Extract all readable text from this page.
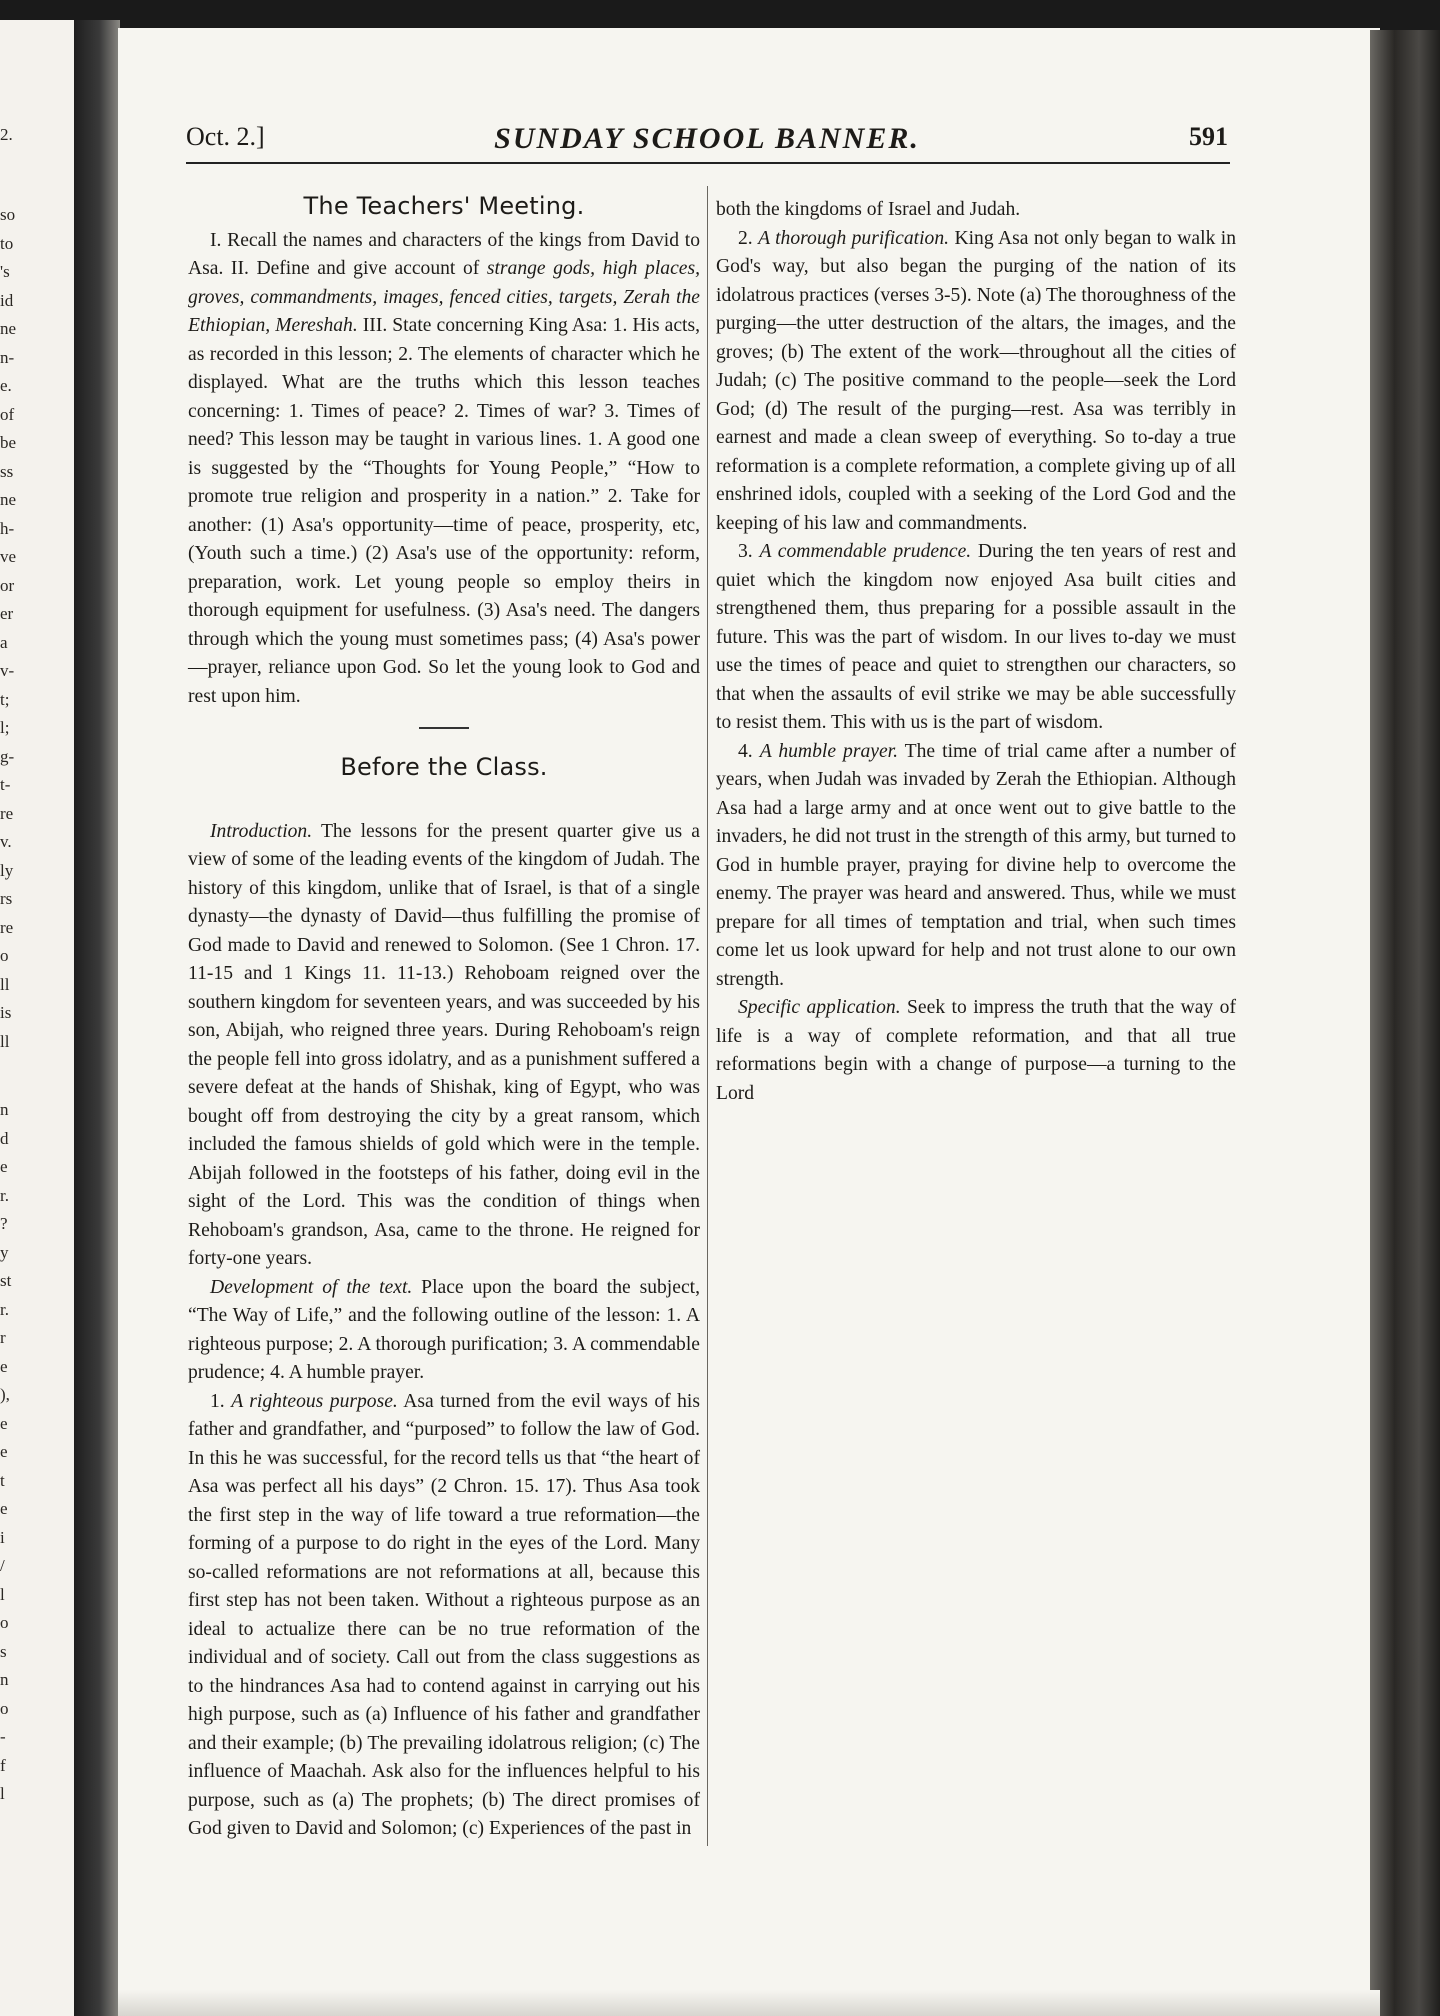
2.
so
to
's
id
ne
n-
e.
of
be
ss
ne
h-
ve
or
er
a
v-
t;
l;
g-
t-
re
v.
ly
rs
re
o
ll
is
ll
n
d
e
r.
?
y
st
r.
r
e
),
e
e
t
e
i
/
l
o
s
n
o
-
f
l
Oct. 2.]	SUNDAY SCHOOL BANNER.	591
The Teachers' Meeting.

I. Recall the names and characters of the kings from David to Asa. II. Define and give account of strange gods, high places, groves, commandments, images, fenced cities, targets, Zerah the Ethiopian, Mereshah. III. State concerning King Asa: 1. His acts, as recorded in this lesson; 2. The elements of character which he displayed. What are the truths which this lesson teaches concerning: 1. Times of peace? 2. Times of war? 3. Times of need? This lesson may be taught in various lines. 1. A good one is suggested by the “Thoughts for Young People,” “How to promote true religion and prosperity in a nation.” 2. Take for another: (1) Asa's opportunity—time of peace, prosperity, etc, (Youth such a time.) (2) Asa's use of the opportunity: reform, preparation, work. Let young people so employ theirs in thorough equipment for usefulness. (3) Asa's need. The dangers through which the young must sometimes pass; (4) Asa's power—prayer, reliance upon God. So let the young look to God and rest upon him.

Before the Class.

Introduction. The lessons for the present quarter give us a view of some of the leading events of the kingdom of Judah. The history of this kingdom, unlike that of Israel, is that of a single dynasty—the dynasty of David—thus fulfilling the promise of God made to David and renewed to Solomon. (See 1 Chron. 17. 11-15 and 1 Kings 11. 11-13.) Rehoboam reigned over the southern kingdom for seventeen years, and was succeeded by his son, Abijah, who reigned three years. During Rehoboam's reign the people fell into gross idolatry, and as a punishment suffered a severe defeat at the hands of Shishak, king of Egypt, who was bought off from destroying the city by a great ransom, which included the famous shields of gold which were in the temple. Abijah followed in the footsteps of his father, doing evil in the sight of the Lord. This was the condition of things when Rehoboam's grandson, Asa, came to the throne. He reigned for forty-one years.

Development of the text. Place upon the board the subject, “The Way of Life,” and the following outline of the lesson: 1. A righteous purpose; 2. A thorough purification; 3. A commendable prudence; 4. A humble prayer.

1. A righteous purpose. Asa turned from the evil ways of his father and grandfather, and “purposed” to follow the law of God. In this he was successful, for the record tells us that “the heart of Asa was perfect all his days” (2 Chron. 15. 17). Thus Asa took the first step in the way of life toward a true reformation—the forming of a purpose to do right in the eyes of the Lord. Many so-called reformations are not reformations at all, because this first step has not been taken. Without a righteous purpose as an ideal to actualize there can be no true reformation of the individual and of society. Call out from the class suggestions as to the hindrances Asa had to contend against in carrying out his high purpose, such as (a) Influence of his father and grandfather and their example; (b) The prevailing idolatrous religion; (c) The influence of Maachah. Ask also for the influences helpful to his purpose, such as (a) The prophets; (b) The direct promises of God given to David and Solomon; (c) Experiences of the past in

both the kingdoms of Israel and Judah.

2. A thorough purification. King Asa not only began to walk in God's way, but also began the purging of the nation of its idolatrous practices (verses 3-5). Note (a) The thoroughness of the purging—the utter destruction of the altars, the images, and the groves; (b) The extent of the work—throughout all the cities of Judah; (c) The positive command to the people—seek the Lord God; (d) The result of the purging—rest. Asa was terribly in earnest and made a clean sweep of everything. So to-day a true reformation is a complete reformation, a complete giving up of all enshrined idols, coupled with a seeking of the Lord God and the keeping of his law and commandments.

3. A commendable prudence. During the ten years of rest and quiet which the kingdom now enjoyed Asa built cities and strengthened them, thus preparing for a possible assault in the future. This was the part of wisdom. In our lives to-day we must use the times of peace and quiet to strengthen our characters, so that when the assaults of evil strike we may be able successfully to resist them. This with us is the part of wisdom.

4. A humble prayer. The time of trial came after a number of years, when Judah was invaded by Zerah the Ethiopian. Although Asa had a large army and at once went out to give battle to the invaders, he did not trust in the strength of this army, but turned to God in humble prayer, praying for divine help to overcome the enemy. The prayer was heard and answered. Thus, while we must prepare for all times of temptation and trial, when such times come let us look upward for help and not trust alone to our own strength.

Specific application. Seek to impress the truth that the way of life is a way of complete reformation, and that all true reformations begin with a change of purpose—a turning to the Lord
